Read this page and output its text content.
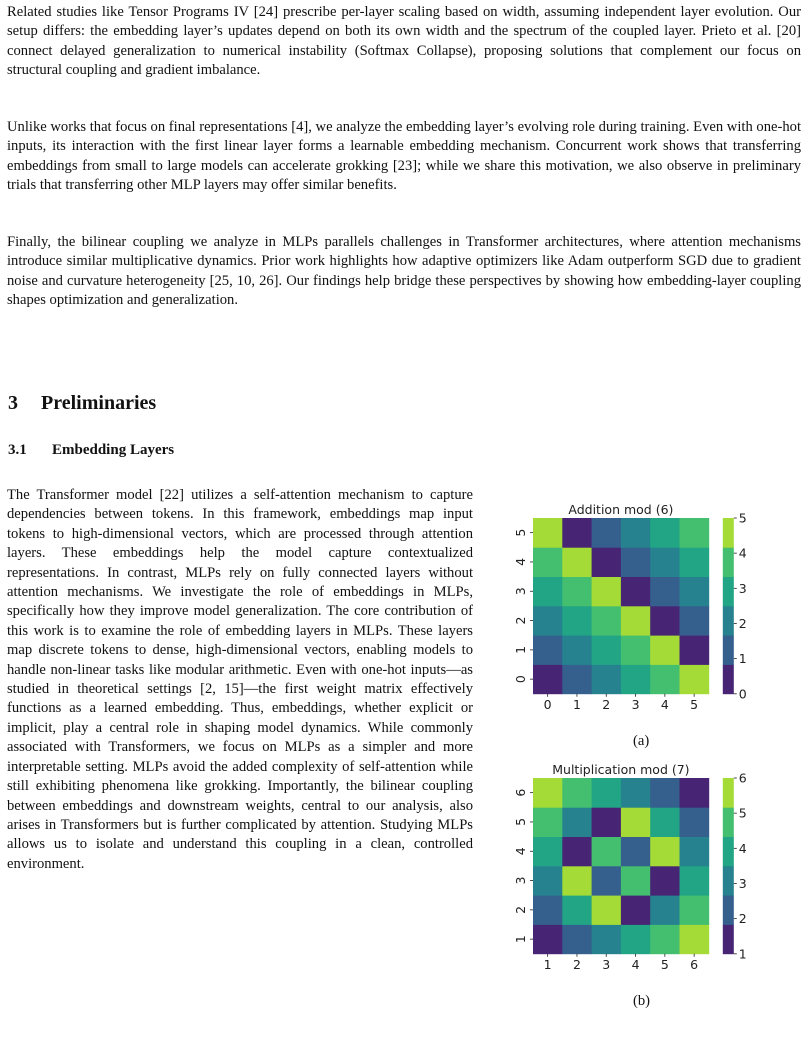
Related studies like Tensor Programs IV [24] prescribe per-layer scaling based on width, assuming independent layer evolution. Our setup differs: the embedding layer’s updates depend on both its own width and the spectrum of the coupled layer. Prieto et al. [20] connect delayed generalization to numerical instability (Softmax Collapse), proposing solutions that complement our focus on structural coupling and gradient imbalance.

Unlike works that focus on final representations [4], we analyze the embedding layer’s evolving role during training. Even with one-hot inputs, its interaction with the first linear layer forms a learnable embedding mechanism. Concurrent work shows that transferring embeddings from small to large models can accelerate grokking [23]; while we share this motivation, we also observe in preliminary trials that transferring other MLP layers may offer similar benefits.

Finally, the bilinear coupling we analyze in MLPs parallels challenges in Transformer architectures, where attention mechanisms introduce similar multiplicative dynamics. Prior work highlights how adaptive optimizers like Adam outperform SGD due to gradient noise and curvature heterogeneity [25, 10, 26]. Our findings help bridge these perspectives by showing how embedding-layer coupling shapes optimization and generalization.

3 Preliminaries
3.1 Embedding Layers

The Transformer model [22] utilizes a self-attention mechanism to capture dependencies between tokens. In this framework, embeddings map input tokens to high-dimensional vectors, which are processed through attention layers. These embeddings help the model capture contextualized representations. In contrast, MLPs rely on fully connected layers without attention mechanisms. We investigate the role of embeddings in MLPs, specifically how they improve model generalization. The core contribution of this work is to examine the role of embedding layers in MLPs. These layers map discrete tokens to dense, high-dimensional vectors, enabling models to handle non-linear tasks like modular arithmetic. Even with one-hot inputs—as studied in theoretical settings [2, 15]—the first weight matrix effectively functions as a learned embedding. Thus, embeddings, whether explicit or implicit, play a central role in shaping model dynamics. While commonly associated with Transformers, we focus on MLPs as a simpler and more interpretable setting. MLPs avoid the added complexity of self-attention while still exhibiting phenomena like grokking. Importantly, the bilinear coupling between embeddings and downstream weights, central to our analysis, also arises in Transformers but is further complicated by attention. Studying MLPs allows us to isolate and understand this coupling in a clean, controlled environment.

Addition mod (6)
0 1 2 3 4 5
0
1
2
3
4
5
0
1
2
3
4
5
(a)
Multiplication mod (7)
1 2 3 4 5 6
1
2
3
4
5
6
1
2
3
4
5
6
(b)
